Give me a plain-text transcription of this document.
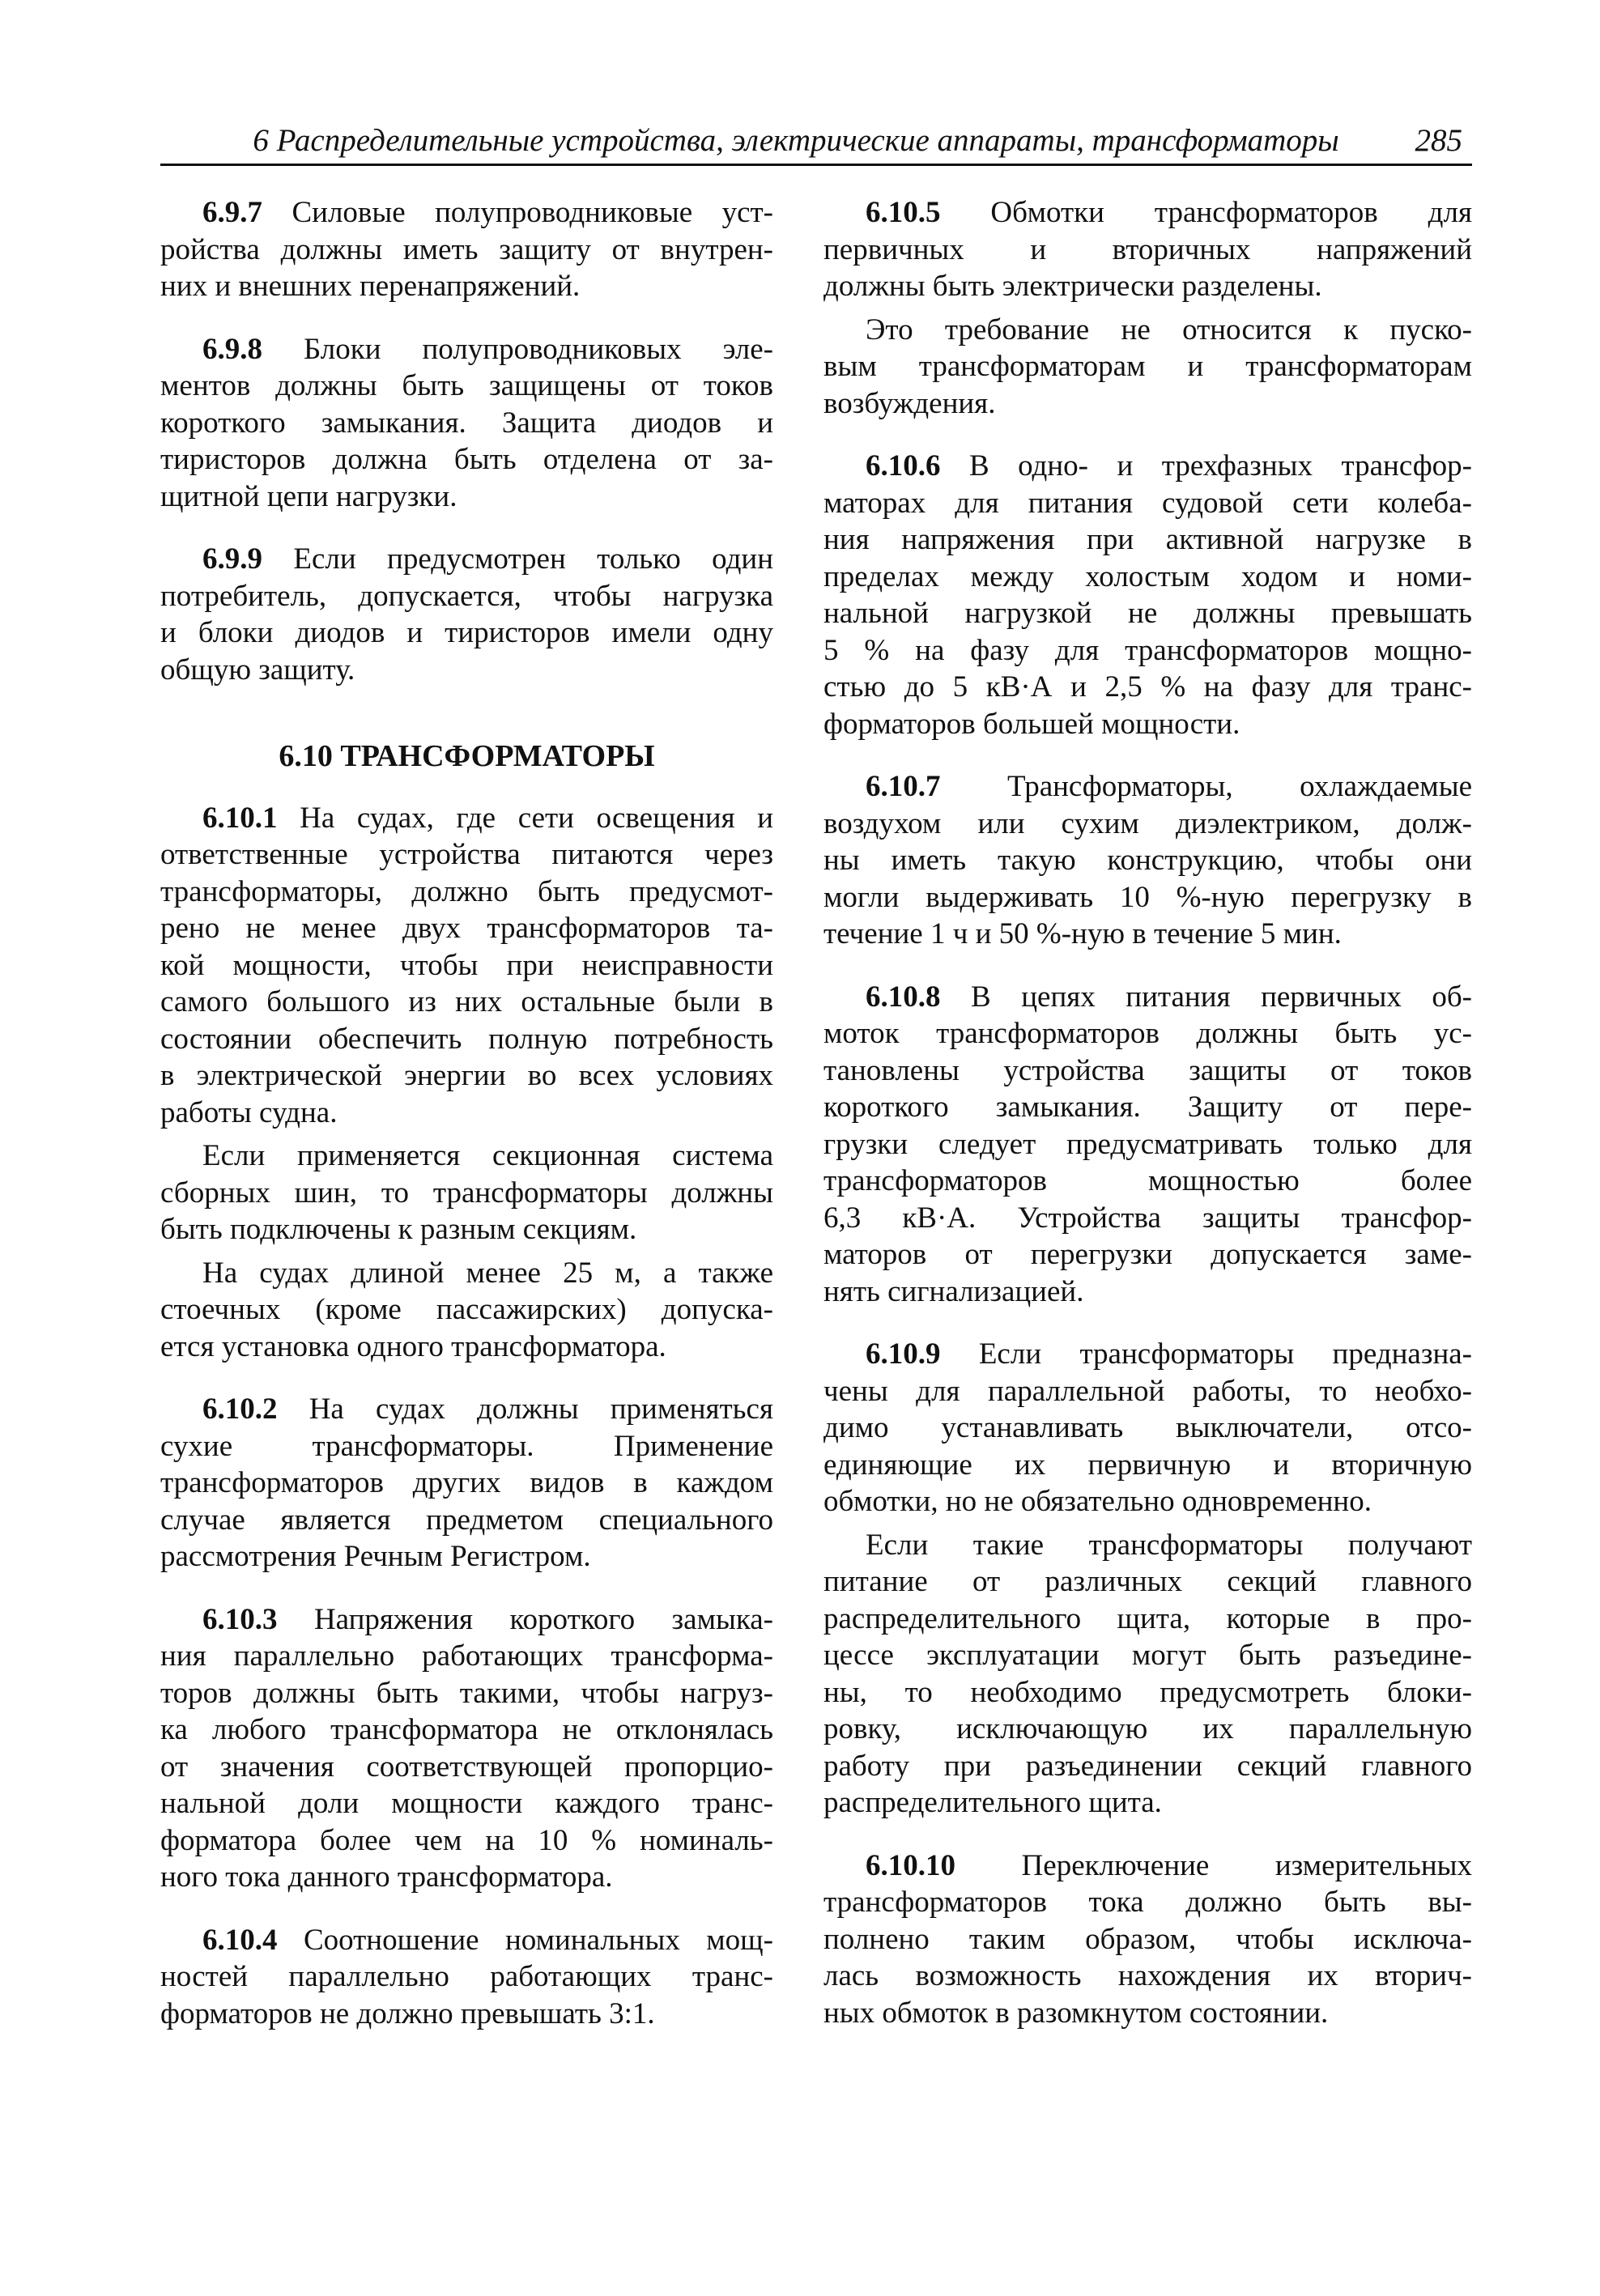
6 Распределительные устройства, электрические аппараты, трансформаторы	285
6.9.7 Силовые полупроводниковые уст-
ройства должны иметь защиту от внутрен-
них и внешних перенапряжений.
6.9.8 Блоки полупроводниковых эле-
ментов должны быть защищены от токов
короткого замыкания. Защита диодов и
тиристоров должна быть отделена от за-
щитной цепи нагрузки.
6.9.9 Если предусмотрен только один
потребитель, допускается, чтобы нагрузка
и блоки диодов и тиристоров имели одну
общую защиту.
6.10 ТРАНСФОРМАТОРЫ
6.10.1 На судах, где сети освещения и
ответственные устройства питаются через
трансформаторы, должно быть предусмот-
рено не менее двух трансформаторов та-
кой мощности, чтобы при неисправности
самого большого из них остальные были в
состоянии обеспечить полную потребность
в электрической энергии во всех условиях
работы судна.
Если применяется секционная система
сборных шин, то трансформаторы должны
быть подключены к разным секциям.
На судах длиной менее 25 м, а также
стоечных (кроме пассажирских) допуска-
ется установка одного трансформатора.
6.10.2 На судах должны применяться
сухие трансформаторы. Применение
трансформаторов других видов в каждом
случае является предметом специального
рассмотрения Речным Регистром.
6.10.3 Напряжения короткого замыка-
ния параллельно работающих трансформа-
торов должны быть такими, чтобы нагруз-
ка любого трансформатора не отклонялась
от значения соответствующей пропорцио-
нальной доли мощности каждого транс-
форматора более чем на 10 % номиналь-
ного тока данного трансформатора.
6.10.4 Соотношение номинальных мощ-
ностей параллельно работающих транс-
форматоров не должно превышать 3:1.
6.10.5 Обмотки трансформаторов для
первичных и вторичных напряжений
должны быть электрически разделены.
Это требование не относится к пуско-
вым трансформаторам и трансформаторам
возбуждения.
6.10.6 В одно- и трехфазных трансфор-
маторах для питания судовой сети колеба-
ния напряжения при активной нагрузке в
пределах между холостым ходом и номи-
нальной нагрузкой не должны превышать
5 % на фазу для трансформаторов мощно-
стью до 5 кВ·А и 2,5 % на фазу для транс-
форматоров большей мощности.
6.10.7 Трансформаторы, охлаждаемые
воздухом или сухим диэлектриком, долж-
ны иметь такую конструкцию, чтобы они
могли выдерживать 10 %-ную перегрузку в
течение 1 ч и 50 %-ную в течение 5 мин.
6.10.8 В цепях питания первичных об-
моток трансформаторов должны быть ус-
тановлены устройства защиты от токов
короткого замыкания. Защиту от пере-
грузки следует предусматривать только для
трансформаторов мощностью более
6,3 кВ·А. Устройства защиты трансфор-
маторов от перегрузки допускается заме-
нять сигнализацией.
6.10.9 Если трансформаторы предназна-
чены для параллельной работы, то необхо-
димо устанавливать выключатели, отсо-
единяющие их первичную и вторичную
обмотки, но не обязательно одновременно.
Если такие трансформаторы получают
питание от различных секций главного
распределительного щита, которые в про-
цессе эксплуатации могут быть разъедине-
ны, то необходимо предусмотреть блоки-
ровку, исключающую их параллельную
работу при разъединении секций главного
распределительного щита.
6.10.10 Переключение измерительных
трансформаторов тока должно быть вы-
полнено таким образом, чтобы исключа-
лась возможность нахождения их вторич-
ных обмоток в разомкнутом состоянии.
